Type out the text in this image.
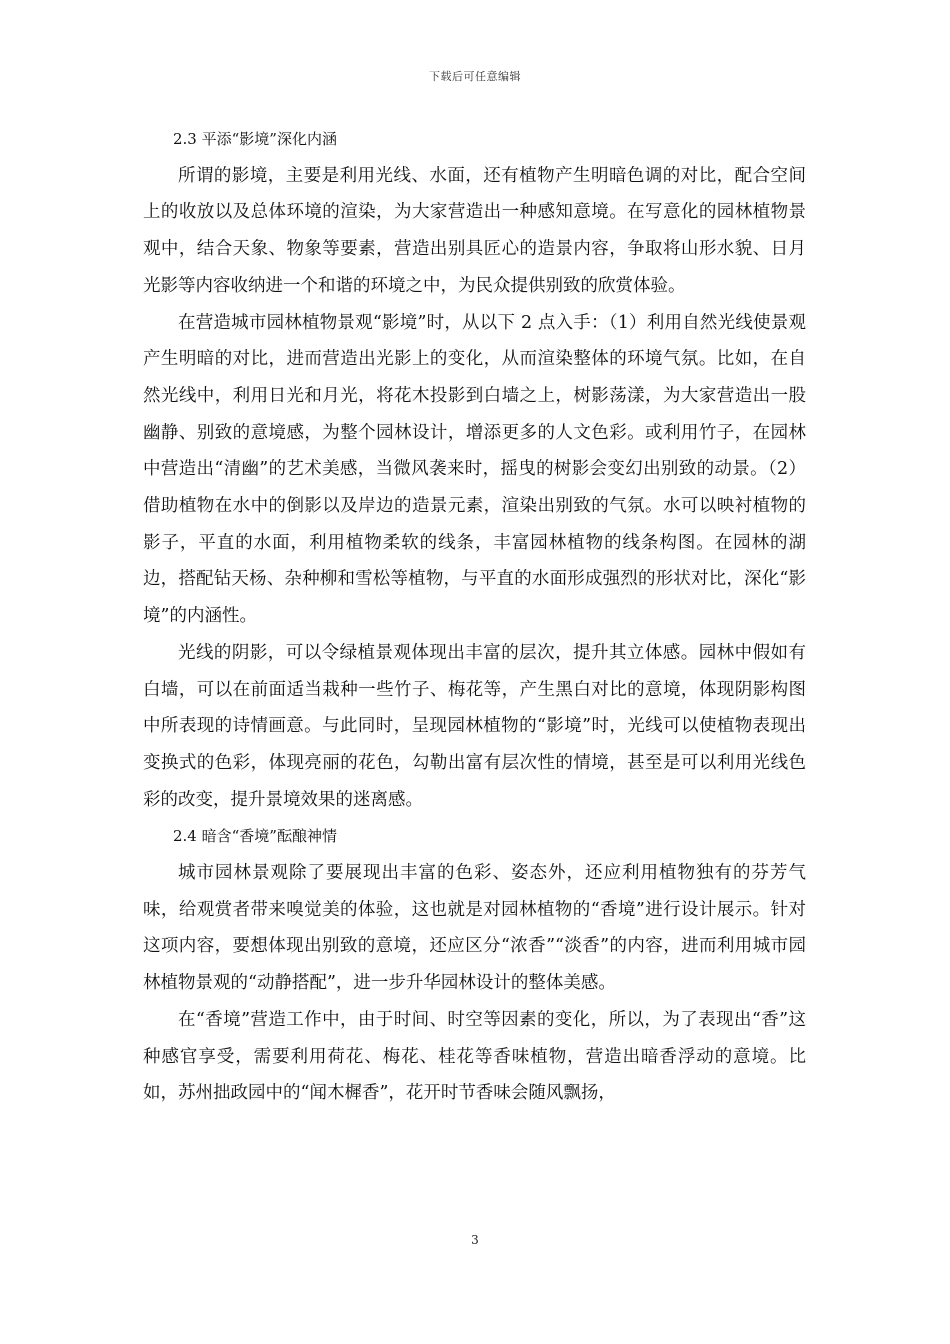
下载后可任意编辑

2.3 平添“影境”深化内涵

所谓的影境，主要是利用光线、水面，还有植物产生明暗色调的对比，配合空间上的收放以及总体环境的渲染，为大家营造出一种感知意境。在写意化的园林植物景观中，结合天象、物象等要素，营造出别具匠心的造景内容，争取将山形水貌、日月光影等内容收纳进一个和谐的环境之中，为民众提供别致的欣赏体验。

在营造城市园林植物景观“影境”时，从以下 2 点入手：（1）利用自然光线使景观产生明暗的对比，进而营造出光影上的变化，从而渲染整体的环境气氛。比如，在自然光线中，利用日光和月光，将花木投影到白墙之上，树影荡漾，为大家营造出一股幽静、别致的意境感，为整个园林设计，增添更多的人文色彩。或利用竹子，在园林中营造出“清幽”的艺术美感，当微风袭来时，摇曳的树影会变幻出别致的动景。（2）借助植物在水中的倒影以及岸边的造景元素，渲染出别致的气氛。水可以映衬植物的影子，平直的水面，利用植物柔软的线条，丰富园林植物的线条构图。在园林的湖边，搭配钻天杨、杂种柳和雪松等植物，与平直的水面形成强烈的形状对比，深化“影境”的内涵性。

光线的阴影，可以令绿植景观体现出丰富的层次，提升其立体感。园林中假如有白墙，可以在前面适当栽种一些竹子、梅花等，产生黑白对比的意境，体现阴影构图中所表现的诗情画意。与此同时，呈现园林植物的“影境”时，光线可以使植物表现出变换式的色彩，体现亮丽的花色，勾勒出富有层次性的情境，甚至是可以利用光线色彩的改变，提升景境效果的迷离感。

2.4 暗含“香境”酝酿神情

城市园林景观除了要展现出丰富的色彩、姿态外，还应利用植物独有的芬芳气味，给观赏者带来嗅觉美的体验，这也就是对园林植物的“香境”进行设计展示。针对这项内容，要想体现出别致的意境，还应区分“浓香”“淡香”的内容，进而利用城市园林植物景观的“动静搭配”，进一步升华园林设计的整体美感。

在“香境”营造工作中，由于时间、时空等因素的变化，所以，为了表现出“香”这种感官享受，需要利用荷花、梅花、桂花等香味植物，营造出暗香浮动的意境。比如，苏州拙政园中的“闻木樨香”，花开时节香味会随风飘扬，

3
